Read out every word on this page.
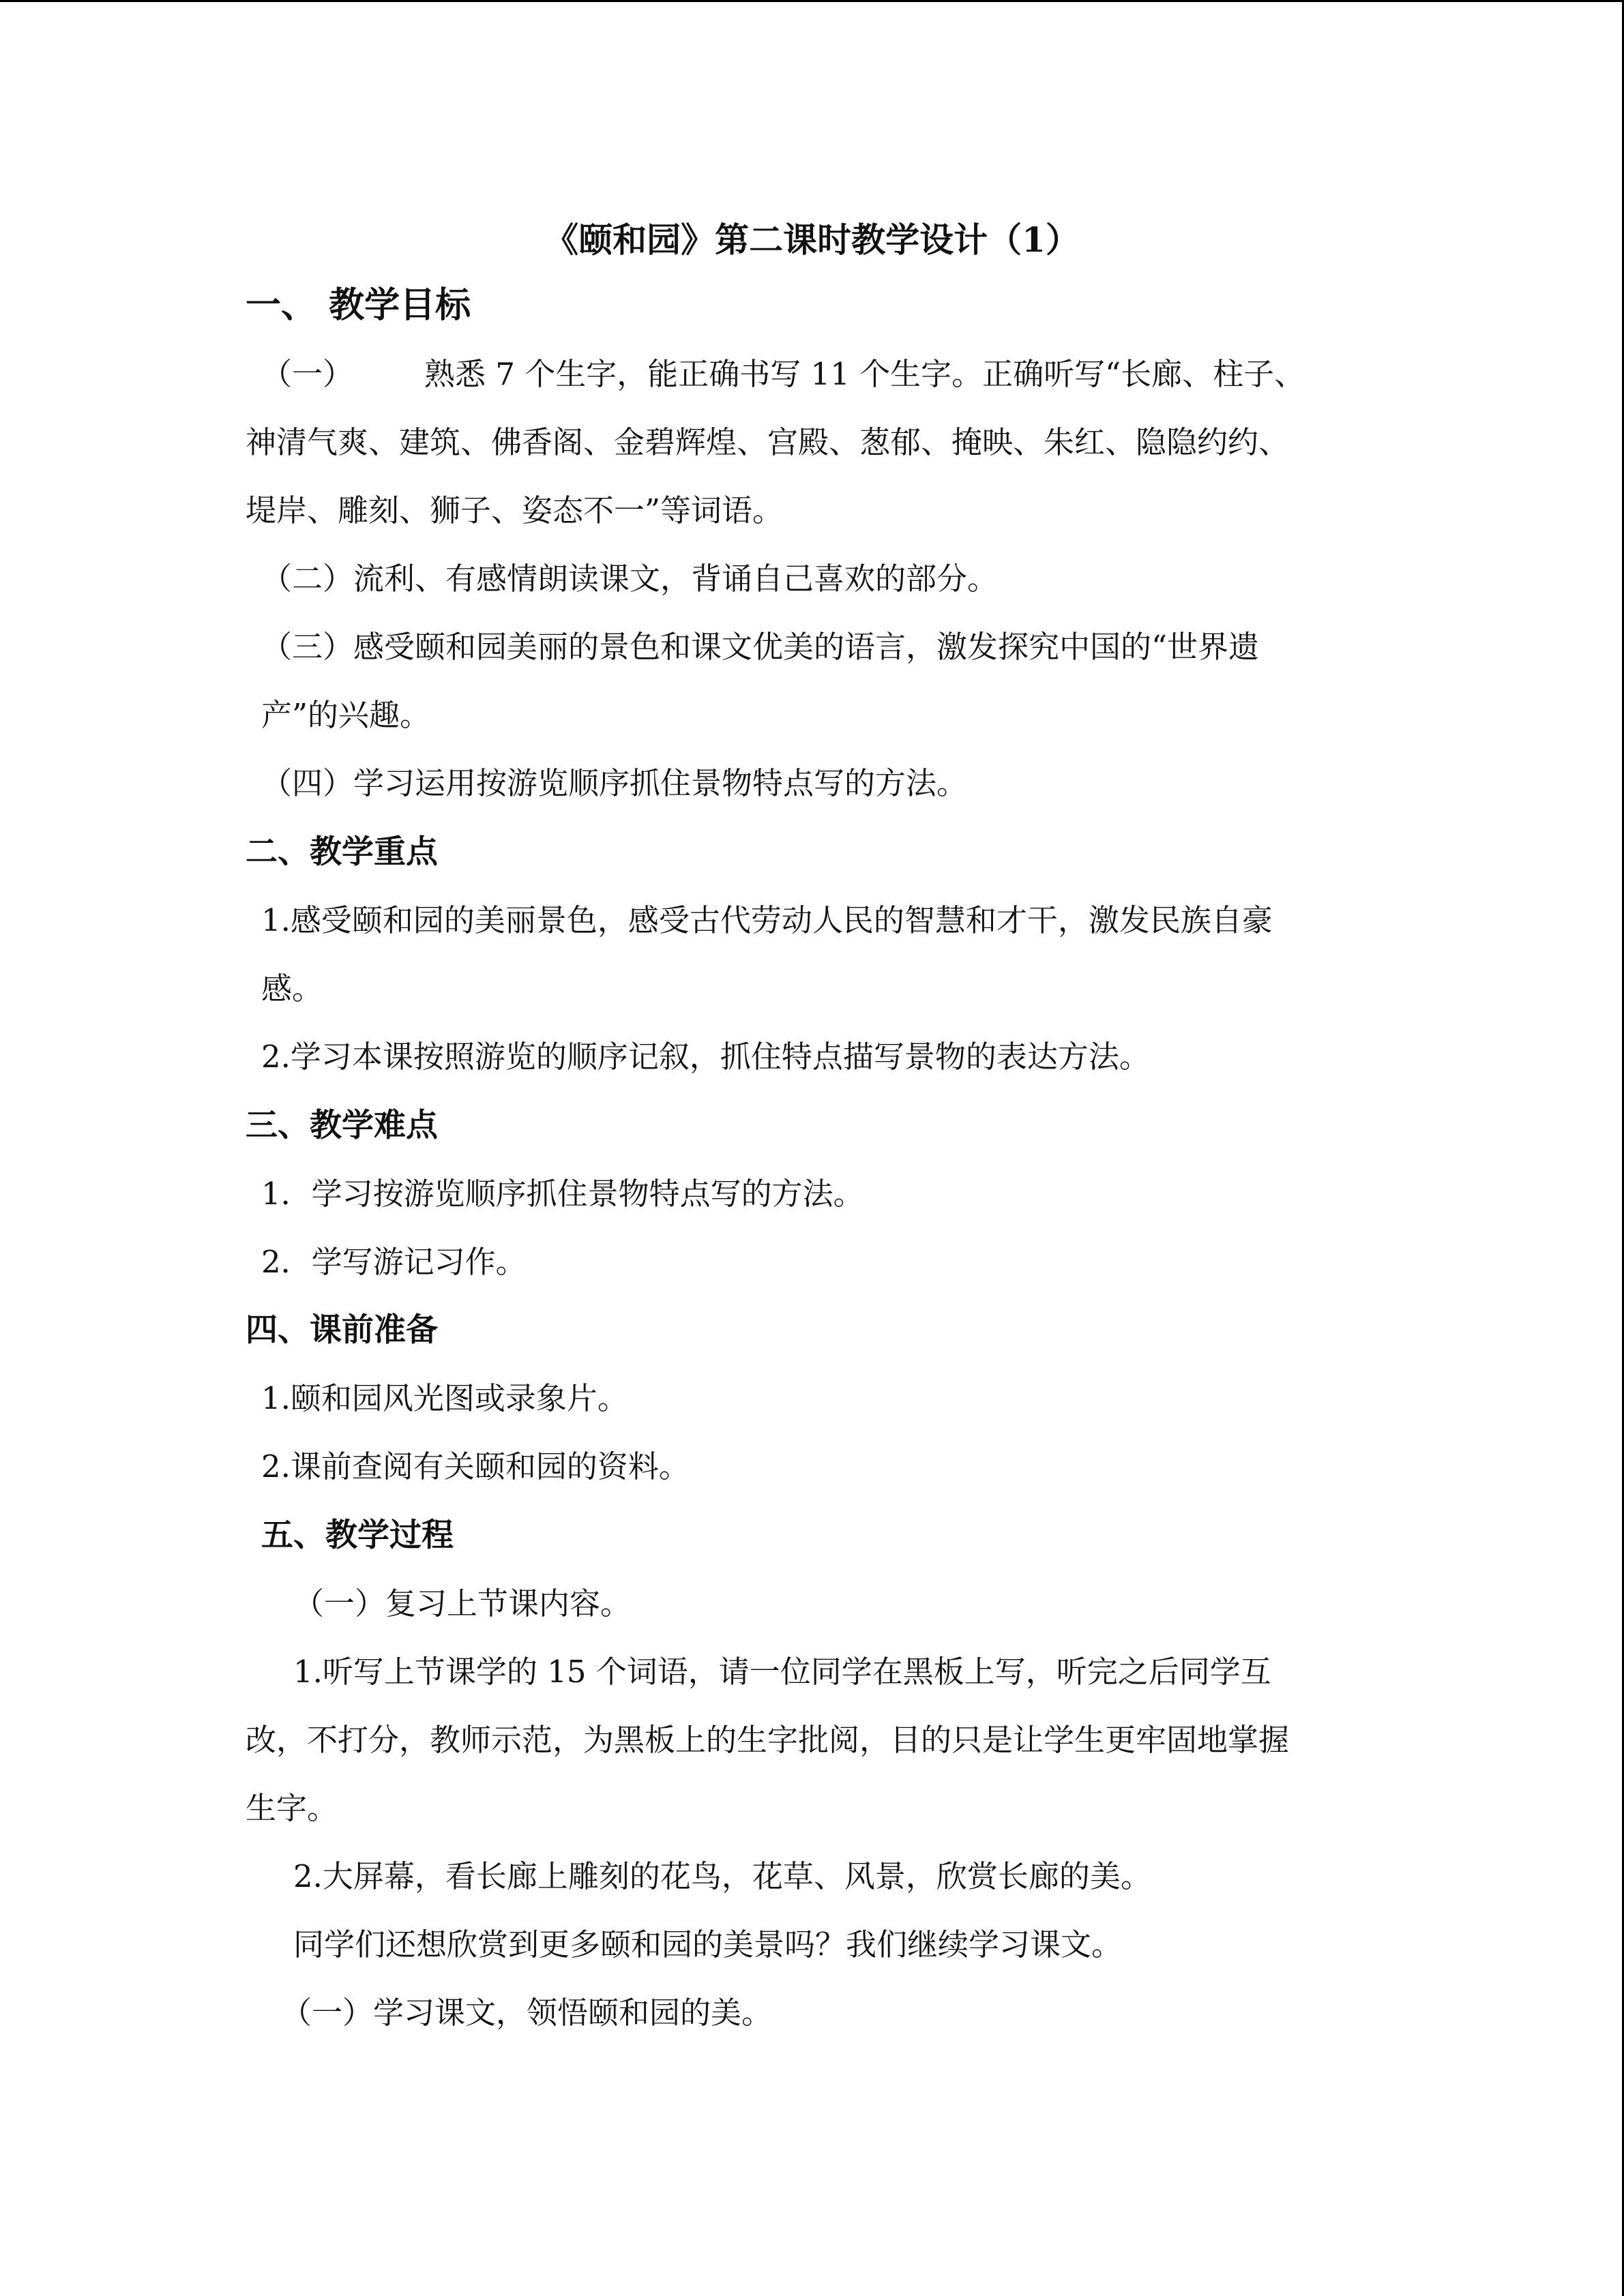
《颐和园》第二课时教学设计（1）
一、 教学目标
（一） 熟悉 7 个生字，能正确书写 11 个生字。正确听写“长廊、柱子、
神清气爽、建筑、佛香阁、金碧辉煌、宫殿、葱郁、掩映、朱红、隐隐约约、
堤岸、雕刻、狮子、姿态不一”等词语。
（二）流利、有感情朗读课文，背诵自己喜欢的部分。
（三）感受颐和园美丽的景色和课文优美的语言，激发探究中国的“世界遗
产”的兴趣。
（四）学习运用按游览顺序抓住景物特点写的方法。
二、教学重点
1.感受颐和园的美丽景色，感受古代劳动人民的智慧和才干，激发民族自豪
感。
2.学习本课按照游览的顺序记叙，抓住特点描写景物的表达方法。
三、教学难点
1．学习按游览顺序抓住景物特点写的方法。
2．学写游记习作。
四、课前准备
1.颐和园风光图或录象片。
2.课前查阅有关颐和园的资料。
五、教学过程
（一）复习上节课内容。
1.听写上节课学的 15 个词语，请一位同学在黑板上写，听完之后同学互
改，不打分，教师示范，为黑板上的生字批阅，目的只是让学生更牢固地掌握
生字。
2.大屏幕，看长廊上雕刻的花鸟，花草、风景，欣赏长廊的美。
同学们还想欣赏到更多颐和园的美景吗？我们继续学习课文。
（一）学习课文，领悟颐和园的美。
